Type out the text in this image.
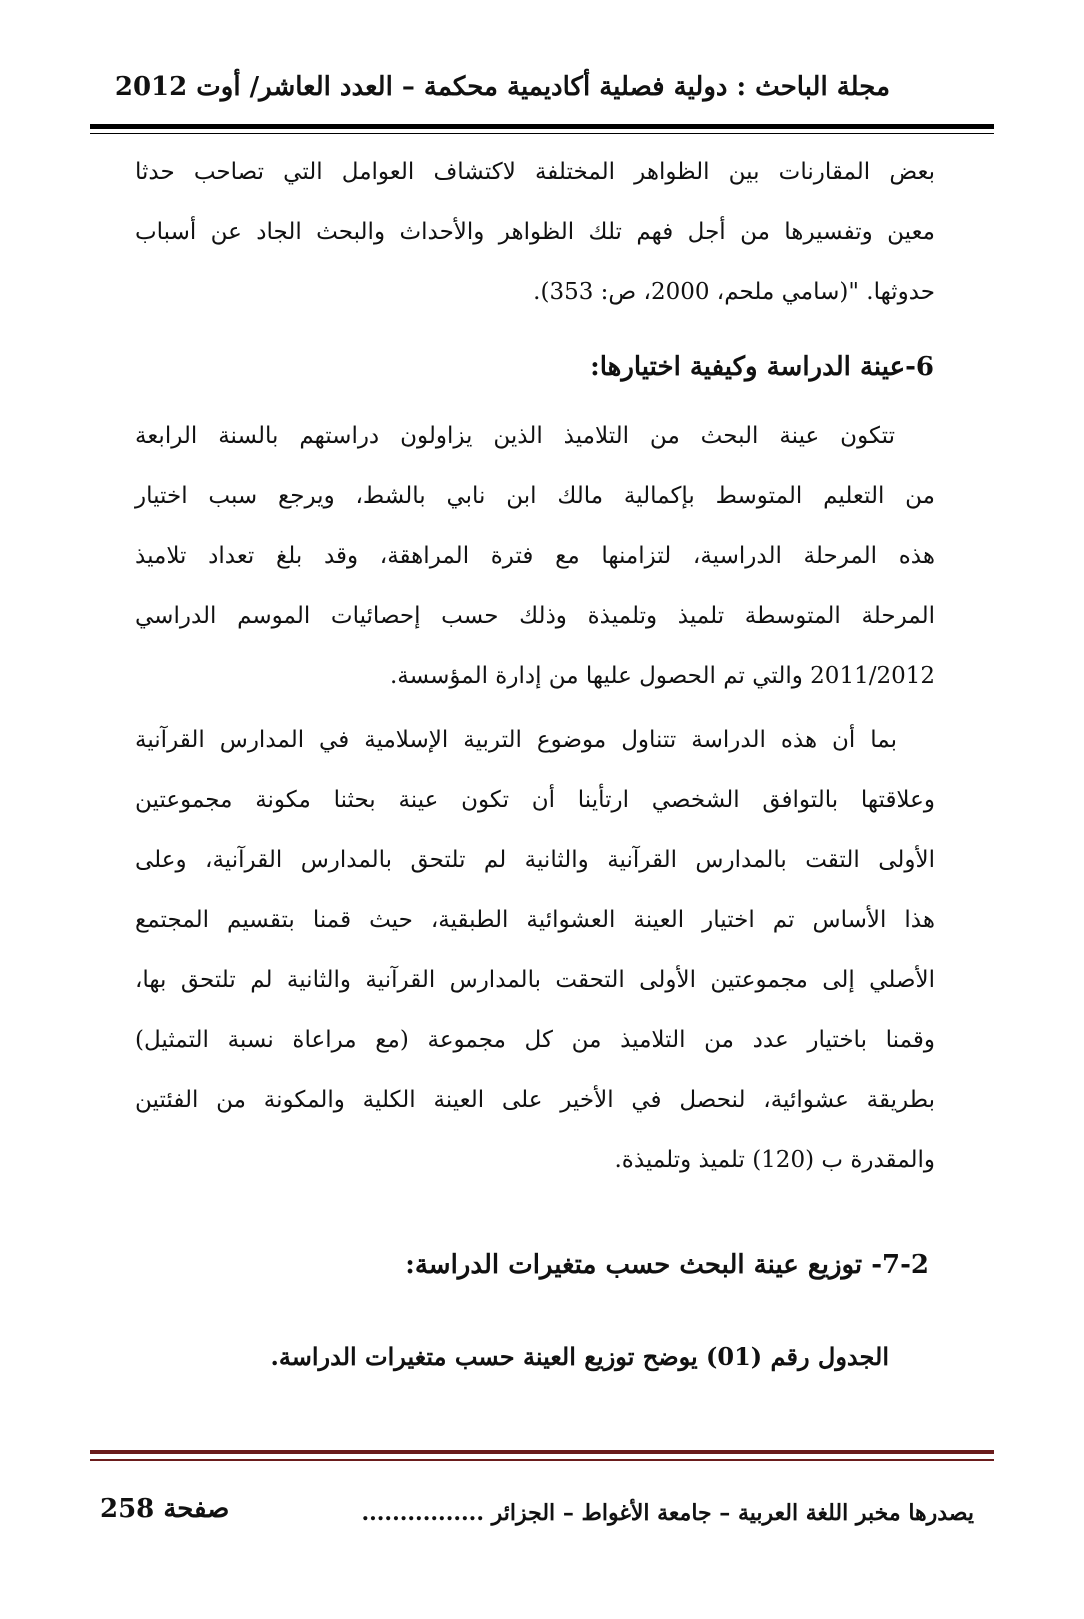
مجلة الباحث : دولية فصلية أكاديمية محكمة – العدد العاشر/ أوت 2012
بعض المقارنات بين الظواهر المختلفة لاكتشاف العوامل التي تصاحب حدثا
معين وتفسيرها من أجل فهم تلك الظواهر والأحداث والبحث الجاد عن أسباب
حدوثها. "(سامي ملحم، 2000، ص: 353).
6-عينة الدراسة وكيفية اختيارها:
تتكون عينة البحث من التلاميذ الذين يزاولون دراستهم بالسنة الرابعة
من التعليم المتوسط بإكمالية مالك ابن نابي بالشط، ويرجع سبب اختيار
هذه المرحلة الدراسية، لتزامنها مع فترة المراهقة، وقد بلغ تعداد تلاميذ
المرحلة المتوسطة تلميذ وتلميذة وذلك حسب إحصائيات الموسم الدراسي
2011/2012 والتي تم الحصول عليها من إدارة المؤسسة.
بما أن هذه الدراسة تتناول موضوع التربية الإسلامية في المدارس القرآنية
وعلاقتها بالتوافق الشخصي ارتأينا أن تكون عينة بحثنا مكونة مجموعتين
الأولى التقت بالمدارس القرآنية والثانية لم تلتحق بالمدارس القرآنية، وعلى
هذا الأساس تم اختيار العينة العشوائية الطبقية، حيث قمنا بتقسيم المجتمع
الأصلي إلى مجموعتين الأولى التحقت بالمدارس القرآنية والثانية لم تلتحق بها،
وقمنا باختيار عدد من التلاميذ من كل مجموعة (مع مراعاة نسبة التمثيل)
بطريقة عشوائية، لنحصل في الأخير على العينة الكلية والمكونة من الفئتين
والمقدرة ب (120) تلميذ وتلميذة.
7-2- توزيع عينة البحث حسب متغيرات الدراسة:
الجدول رقم (01) يوضح توزيع العينة حسب متغيرات الدراسة.
يصدرها مخبر اللغة العربية – جامعة الأغواط – الجزائر ................
صفحة 258
